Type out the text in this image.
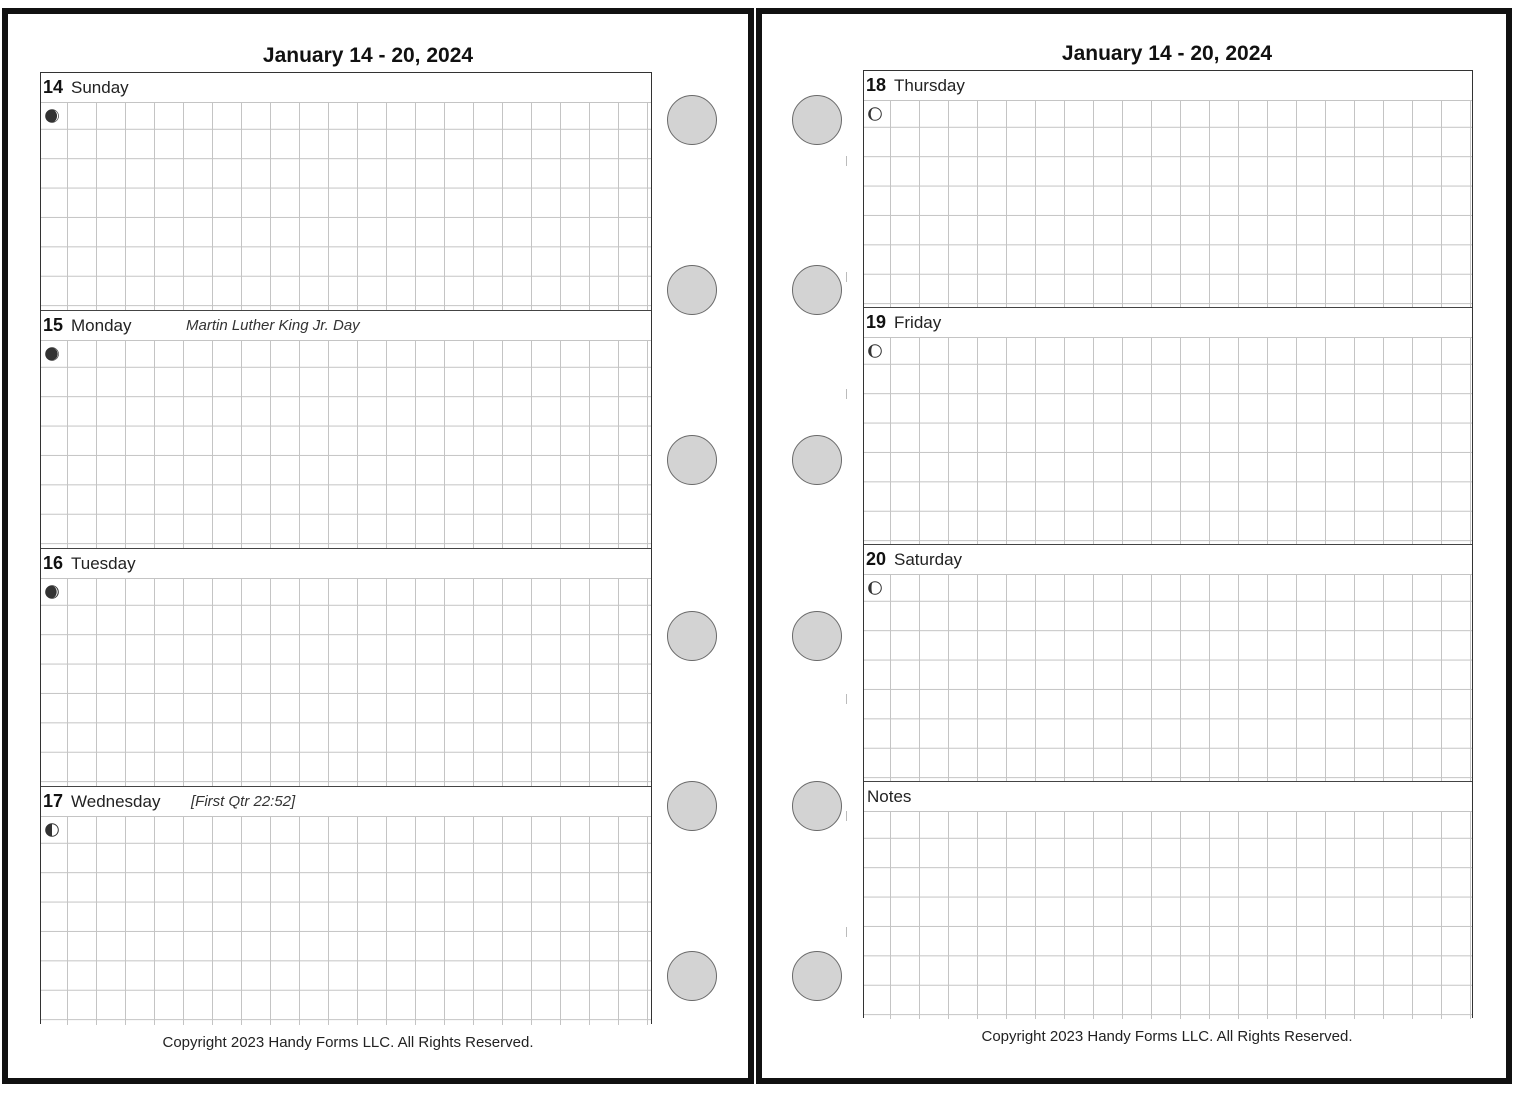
January 14 - 20, 2024
14 Sunday
15 Monday	Martin Luther King Jr. Day
16 Tuesday
17 Wednesday [First Qtr 22:52]
Copyright 2023 Handy Forms LLC. All Rights Reserved.
January 14 - 20, 2024
18 Thursday
19 Friday
20 Saturday
Notes
Copyright 2023 Handy Forms LLC. All Rights Reserved.
